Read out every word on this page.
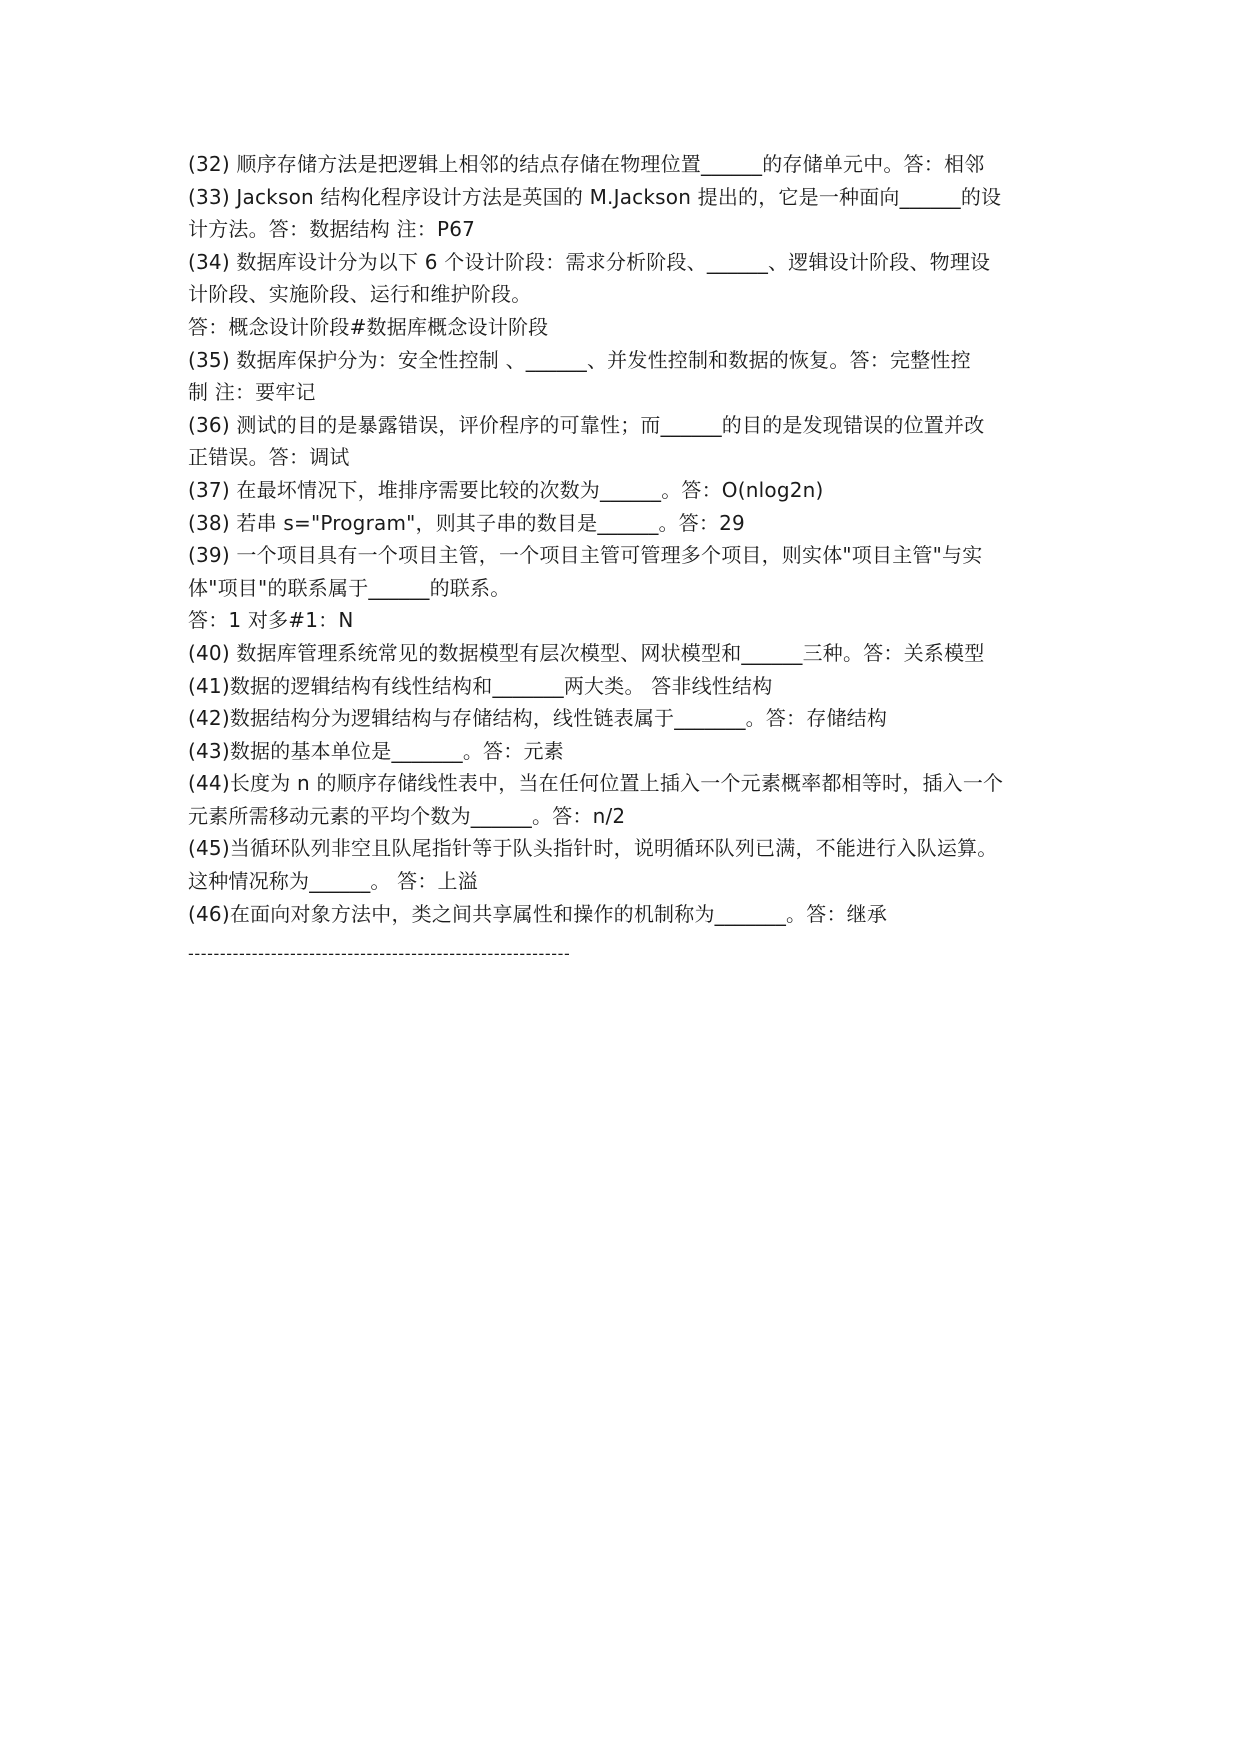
(32) 顺序存储方法是把逻辑上相邻的结点存储在物理位置______的存储单元中。答：相邻
(33) Jackson 结构化程序设计方法是英国的 M.Jackson 提出的，它是一种面向______的设
计方法。答：数据结构 注：P67
(34) 数据库设计分为以下 6 个设计阶段：需求分析阶段、______、逻辑设计阶段、物理设
计阶段、实施阶段、运行和维护阶段。
答：概念设计阶段#数据库概念设计阶段
(35) 数据库保护分为：安全性控制 、______、并发性控制和数据的恢复。答：完整性控
制 注：要牢记
(36) 测试的目的是暴露错误，评价程序的可靠性；而______的目的是发现错误的位置并改
正错误。答：调试
(37) 在最坏情况下，堆排序需要比较的次数为______。答：O(nlog2n)
(38) 若串 s="Program"，则其子串的数目是______。答：29
(39) 一个项目具有一个项目主管，一个项目主管可管理多个项目，则实体"项目主管"与实
体"项目"的联系属于______的联系。
答：1 对多#1：N
(40) 数据库管理系统常见的数据模型有层次模型、网状模型和______三种。答：关系模型
(41)数据的逻辑结构有线性结构和_______两大类。 答非线性结构
(42)数据结构分为逻辑结构与存储结构，线性链表属于_______。答：存储结构
(43)数据的基本单位是_______。答：元素
(44)长度为 n 的顺序存储线性表中，当在任何位置上插入一个元素概率都相等时，插入一个
元素所需移动元素的平均个数为______。答：n/2
(45)当循环队列非空且队尾指针等于队头指针时，说明循环队列已满，不能进行入队运算。
这种情况称为______。 答：上溢
(46)在面向对象方法中，类之间共享属性和操作的机制称为_______。答：继承
------------------------------------------------------------
